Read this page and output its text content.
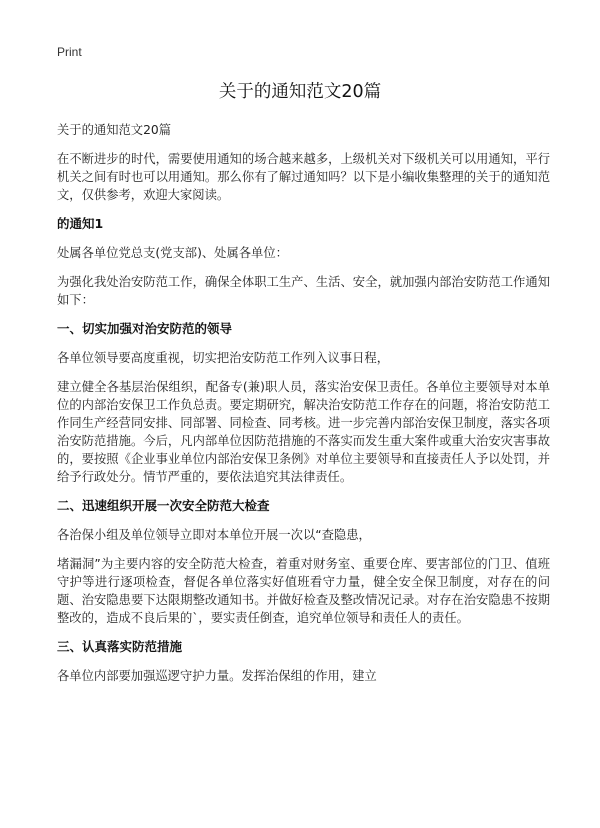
Print
关于的通知范文20篇

关于的通知范文20篇

在不断进步的时代，需要使用通知的场合越来越多，上级机关对下级机关可以用通知，平行机关之间有时也可以用通知。那么你有了解过通知吗？以下是小编收集整理的关于的通知范文，仅供参考，欢迎大家阅读。

的通知1

处属各单位党总支(党支部)、处属各单位：

为强化我处治安防范工作，确保全体职工生产、生活、安全，就加强内部治安防范工作通知如下：

一、切实加强对治安防范的领导

各单位领导要高度重视，切实把治安防范工作列入议事日程，

建立健全各基层治保组织，配备专(兼)职人员，落实治安保卫责任。各单位主要领导对本单位的内部治安保卫工作负总责。要定期研究，解决治安防范工作存在的问题，将治安防范工作同生产经营同安排、同部署、同检查、同考核。进一步完善内部治安保卫制度，落实各项治安防范措施。今后，凡内部单位因防范措施的不落实而发生重大案件或重大治安灾害事故的，要按照《企业事业单位内部治安保卫条例》对单位主要领导和直接责任人予以处罚，并给予行政处分。情节严重的，要依法追究其法律责任。

二、迅速组织开展一次安全防范大检查

各治保小组及单位领导立即对本单位开展一次以“查隐患，

堵漏洞”为主要内容的安全防范大检查，着重对财务室、重要仓库、要害部位的门卫、值班守护等进行逐项检查，督促各单位落实好值班看守力量，健全安全保卫制度，对存在的问题、治安隐患要下达限期整改通知书。并做好检查及整改情况记录。对存在治安隐患不按期整改的，造成不良后果的`，要实责任倒查，追究单位领导和责任人的责任。

三、认真落实防范措施

各单位内部要加强巡逻守护力量。发挥治保组的作用，建立
